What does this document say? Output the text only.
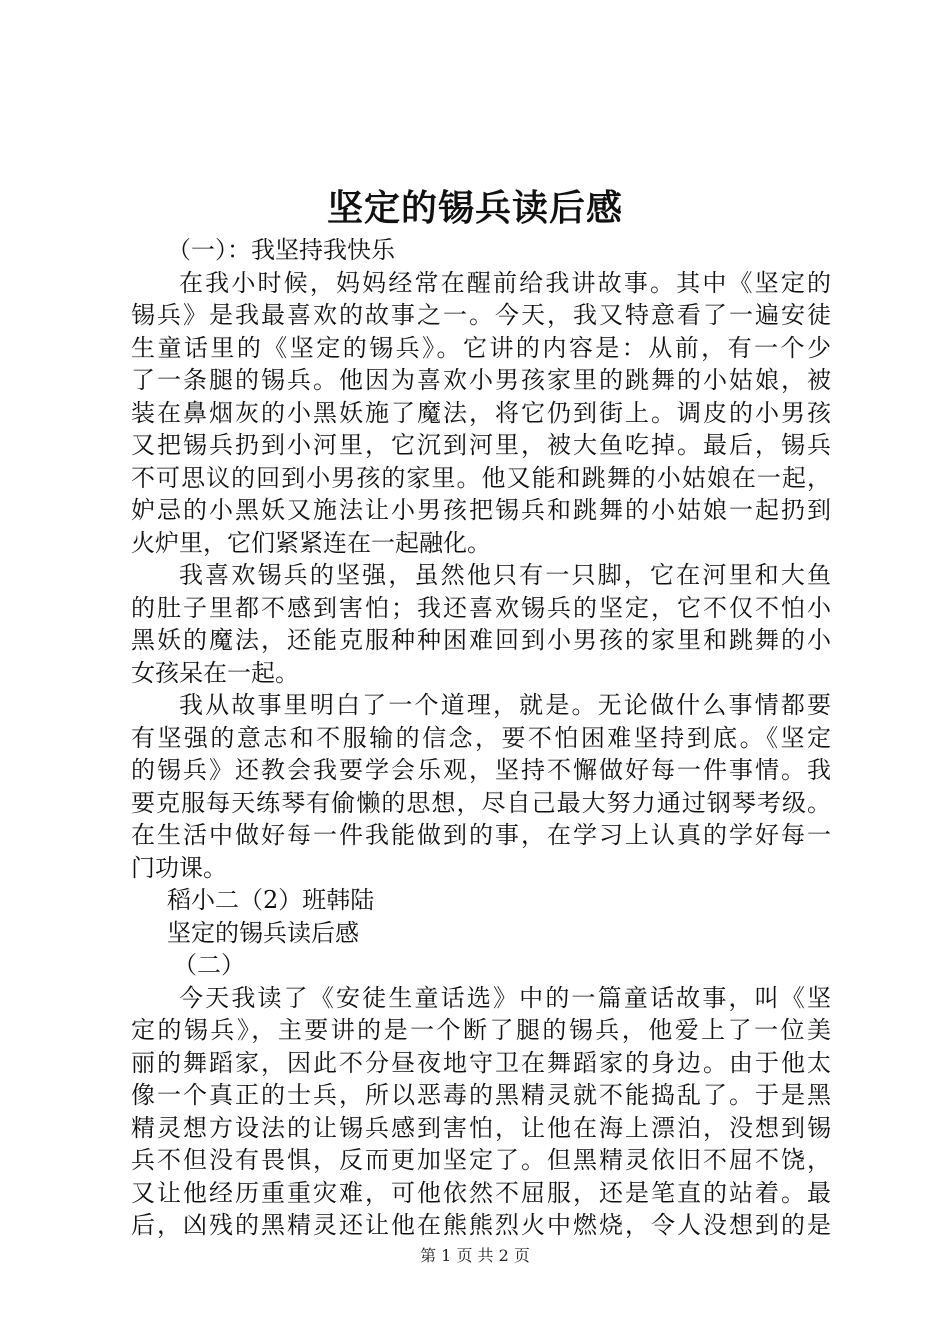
坚定的锡兵读后感
（一）：我坚持我快乐
在我小时候，妈妈经常在醒前给我讲故事。其中《坚定的
锡兵》是我最喜欢的故事之一。今天，我又特意看了一遍安徒
生童话里的《坚定的锡兵》。它讲的内容是：从前，有一个少
了一条腿的锡兵。他因为喜欢小男孩家里的跳舞的小姑娘，被
装在鼻烟灰的小黑妖施了魔法，将它仍到街上。调皮的小男孩
又把锡兵扔到小河里，它沉到河里，被大鱼吃掉。最后，锡兵
不可思议的回到小男孩的家里。他又能和跳舞的小姑娘在一起，
妒忌的小黑妖又施法让小男孩把锡兵和跳舞的小姑娘一起扔到
火炉里，它们紧紧连在一起融化。
我喜欢锡兵的坚强，虽然他只有一只脚，它在河里和大鱼
的肚子里都不感到害怕；我还喜欢锡兵的坚定，它不仅不怕小
黑妖的魔法，还能克服种种困难回到小男孩的家里和跳舞的小
女孩呆在一起。
我从故事里明白了一个道理，就是。无论做什么事情都要
有坚强的意志和不服输的信念，要不怕困难坚持到底。《坚定
的锡兵》还教会我要学会乐观，坚持不懈做好每一件事情。我
要克服每天练琴有偷懒的思想，尽自己最大努力通过钢琴考级。
在生活中做好每一件我能做到的事，在学习上认真的学好每一
门功课。
稻小二（2）班韩陆
坚定的锡兵读后感
（二）
今天我读了《安徒生童话选》中的一篇童话故事，叫《坚
定的锡兵》，主要讲的是一个断了腿的锡兵，他爱上了一位美
丽的舞蹈家，因此不分昼夜地守卫在舞蹈家的身边。由于他太
像一个真正的士兵，所以恶毒的黑精灵就不能捣乱了。于是黑
精灵想方设法的让锡兵感到害怕，让他在海上漂泊，没想到锡
兵不但没有畏惧，反而更加坚定了。但黑精灵依旧不屈不饶，
又让他经历重重灾难，可他依然不屈服，还是笔直的站着。最
后，凶残的黑精灵还让他在熊熊烈火中燃烧，令人没想到的是
第 1 页 共 2 页
